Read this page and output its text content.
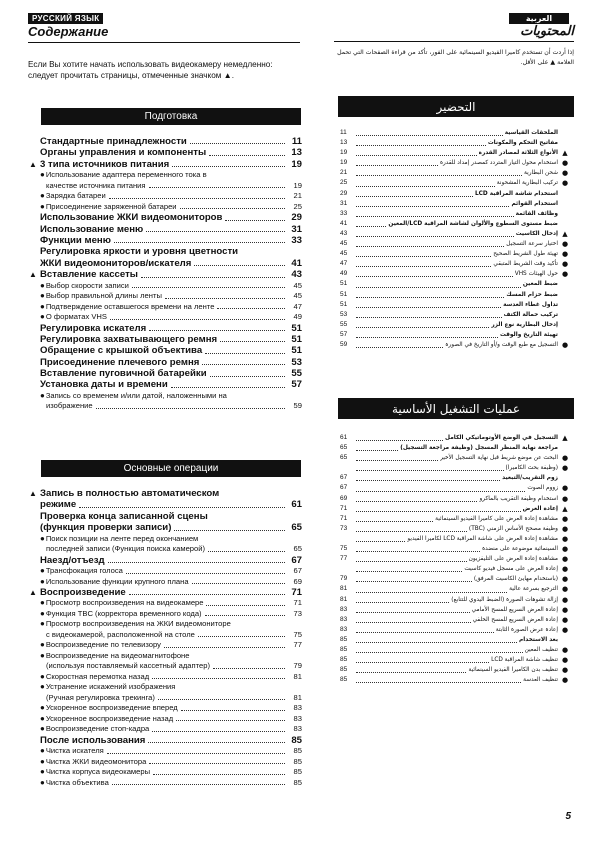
РУССКИЙ ЯЗЫК	العربية
Содержание
Если Вы хотите начать использовать видеокамеру немедленно: следует прочитать страницы, отмеченные значком ▲.
Подготовка
Стандартные принадлежности	11
Органы управления и компоненты	13
▲ 3 типа источников питания	19
● Использование адаптера переменного тока в
качестве источника питания	19
● Зарядка батареи	21
● Присоединение заряженной батареи	25
Использование ЖКИ видеомониторов	29
Использование меню	31
Функции меню	33
Регулировка яркости и уровня цветности
ЖКИ видеомониторов/искателя	41
▲ Вставление кассеты	43
● Выбор скорости записи	45
● Выбор правильной длины ленты	45
● Подтверждение оставшегося времени на ленте	47
● О форматах VHS	49
Регулировка искателя	51
Регулировка захватывающего ремня	51
Обращение с крышкой объектива	51
Присоединение плечевого ремня	53
Вставление пуговичной батарейки	55
Установка даты и времени	57
● Запись со временем и/или датой, наложенными на
изображение	59
Основные операции
▲ Запись в полностью автоматическом
режиме	61
Проверка конца записанной сцены
(функция проверки записи)	65
● Поиск позиции на ленте перед окончанием
последней записи (Функция поиска камерой)	65
Наезд/отъезд	67
● Трансфокация голоса	67
● Использование функции крупного плана	69
▲ Воспроизведение	71
● Просмотр воспроизведения на видеокамере	71
● Функция TBC (корректора временного кода)	73
● Просмотр воспроизведения на ЖКИ видеомониторе
с видеокамерой, расположенной на столе	75
● Воспроизведение по телевизору	77
● Воспроизведение на видеомагнитофоне
(используя поставляемый кассетный адаптер)	79
● Скоростная перемотка назад	81
● Устранение искажений изображения
(Ручная регулировка трекинга)	81
● Ускоренное воспроизведение вперед	83
● Ускоренное воспроизведение назад	83
● Воспроизведение стоп-кадра	83
После использования	85
● Чистка искателя	85
● Чистка ЖКИ видеомонитора	85
● Чистка корпуса видеокамеры	85
● Чистка объектива	85
المحتويات
إذا أردت أن تستخدم كاميرا الفيديو السينمائية على الفور، تأكد من قراءة الصفحات التي تحمل العلامة ▲ على الأقل.
التحضير
11	الملحقات القياسية
13	مفاتيح التحكم والمكونات
19	الأنواع الثلاثة لمصادر القدرة ▲
19	استخدام محول التيار المتردد كمصدر إمداد للقدرة ●
21	شحن البطارية ●
25	تركيب البطارية المشحونة ●
29	استخدام شاشة المراقبة LCD
31	استخدام القوائم
33	وظائف القائمة
41	ضبط مستوى السطوع والألوان لشاشة المراقبة LCD/المعين
43	إدخال الكاسيت ▲
45	اختيار سرعة التسجيل ●
45	تهيئة طول الشريط الصحيح ●
47	تأكيد وقت الشريط المتبقي ●
49	حول الهيئات VHS ●
51	ضبط المعين
51	ضبط حزام المسك
51	تداول غطاء العدسة
53	تركيب حمالة الكتف
55	إدخال البطارية نوع الزر
57	تهيئة التاريخ والوقت
59	التسجيل مع طبع الوقت و/أو التاريخ في الصورة ●
عمليات التشغيل الأساسية
61	التسجيل في الوضع الأوتوماتيكي الكامل ▲
65	مراجعة نهاية المنظر المسجل (وظيفة مراجعة التسجيل)
65	البحث عن موضع شريط قبل نهاية التسجيل الأخير ●
(وظيفة بحث الكاميرا) ●
67	زوم التقريب/التبعيد
67	زووم الصوت ●
69	استخدام وظيفة التقريب بالماكرو ●
71	إعادة العرض ▲
71	مشاهدة إعادة العرض على كاميرا الفيديو السينمائية ●
73	وظيفة مصحح الأساس الزمني (TBC) ●
مشاهدة إعادة العرض على شاشة المراقبة LCD لكاميرا الفيديو ●
75	السينمائية موضوعة على منضدة ●
77	مشاهدة إعادة العرض على التليفزيون ●
إعادة العرض على مسجل فيديو كاسيت ●
79	(باستخدام مهايئ الكاسيت المرفق) ●
81	الترجيع بسرعة عالية ●
81	إزالة تشوهات الصورة (الضبط اليدوي للتتابع) ●
83	إعادة العرض السريع للمسح الأمامي ●
83	إعادة العرض السريع للمسح الخلفي ●
83	إعادة عرض الصورة الثابتة ●
85	بعد الاستخدام
85	تنظيف المعين ●
85	تنظيف شاشة المراقبة LCD ●
85	تنظيف بدن الكاميرا الفيديو السينمائية ●
85	تنظيف العدسة ●
5
